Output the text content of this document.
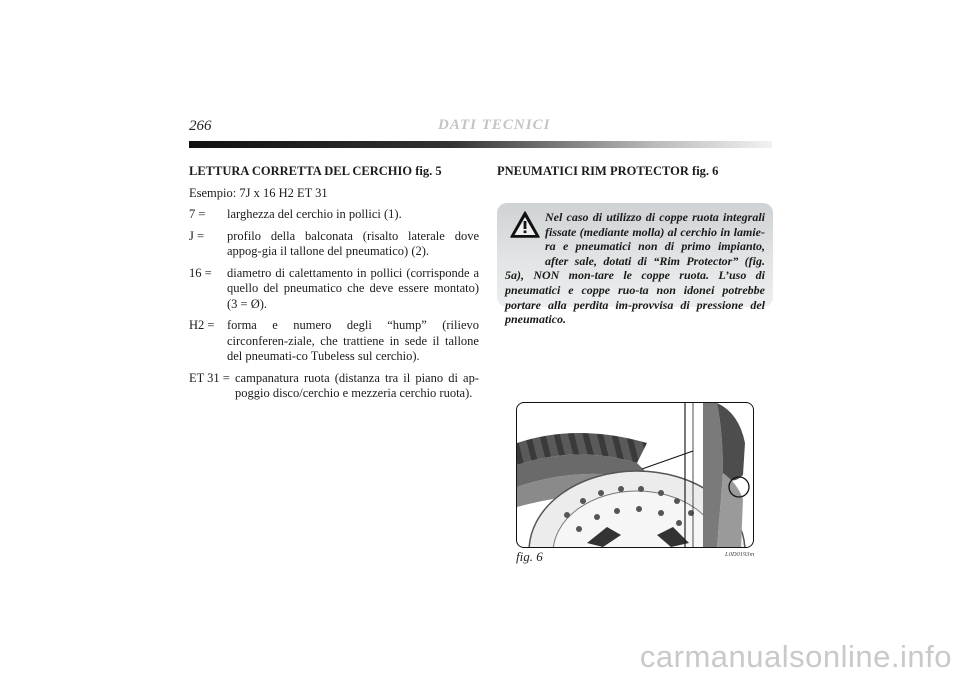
266	DATI TECNICI
LETTURA CORRETTA DEL CERCHIO fig. 5
Esempio: 7J x 16 H2 ET 31
7 =	larghezza del cerchio in pollici (1).
J =	profilo della balconata (risalto laterale dove appog-gia il tallone del pneumatico) (2).
16 =	diametro di calettamento in pollici (corrisponde a quello del pneumatico che deve essere montato) (3 = Ø).
H2 =	forma e numero degli “hump” (rilievo circonferen-ziale, che trattiene in sede il tallone del pneumati-co Tubeless sul cerchio).
ET 31 = campanatura ruota (distanza tra il piano di ap-poggio disco/cerchio e mezzeria cerchio ruota).
PNEUMATICI RIM PROTECTOR fig. 6
Nel caso di utilizzo di coppe ruota integrali fissate (mediante molla) al cerchio in lamie-ra e pneumatici non di primo impianto, after sale, dotati di “Rim Protector” (fig. 5a), NON mon-tare le coppe ruota. L’uso di pneumatici e coppe ruo-ta non idonei potrebbe portare alla perdita im-provvisa di pressione del pneumatico.
fig. 6	L0D0193m
carmanualsonline.info
